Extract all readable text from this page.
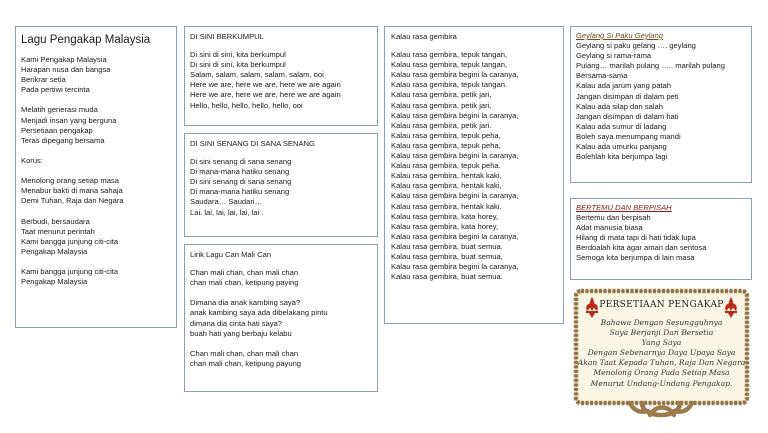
Lagu Pengakap Malaysia
Kami Pengakap Malaysia
Harapan nusa dan bangsa
Berikrar setia
Pada pertiwi tercinta
Melatih generasi muda
Menjadi insan yang berguna
Persetiaan pengakap
Teras dipegang bersama
Korus:
Menolong orang setiap masa
Menabur bakti di mana sahaja
Demi Tuhan, Raja dan Negara
Berbudi, bersaudara
Taat menurut perintah
Kami bangga junjung citi-cita
Pengakap Malaysia
Kami bangga junjung citi-cita
Pengakap Malaysia
DI SINI BERKUMPUL
Di sini di sini, kita berkumpul
Di sini di sini, kita berkumpul
Salam, salam, salam, salam, salam, ooi
Here we are, here we are, here we are again
Here we are, here we are, here we are again
Hello, hello, hello, hello, hello, ooi
DI SINI SENANG DI SANA SENANG
Di sini senang di sana senang
Di mana-mana hatiku senang
Di sini senang di sana senang
Di mana-mana hatiku senang
Saudara… Saudari…
Lai. lai, lai, lai, lai, lai .
Lirik Lagu Can Mali Can
Chan mali chan, chan mali chan
chan mali chan, ketipung paying
Dimana dia anak kambing saya?
anak kambing saya ada dibelakang pintu
dimana dia cinta hati saya?
buah hati yang berbaju kelabu
Chan mali chan, chan mali chan
chan mali chan, ketipung payung
Kalau rasa gembira
Kalau rasa gembira, tepuk tangan,
Kalau rasa gembira, tepuk tangan,
Kalau rasa gembira begini la caranya,
Kalau rasa gembira, tepuk tangan.
Kalau rasa gembira, petik jari,
Kalau rasa gembira, petik jari,
Kalau rasa gembira begini la caranya,
Kalau rasa gembira, petik jari.
Kalau rasa gembira, tepuk peha,
Kalau rasa gembira, tepuk peha,
Kalau rasa gembira begini la caranya,
Kalau rasa gembira, tepuk peha.
Kalau rasa gembira, hentak kaki,
Kalau rasa gembira, hentak kaki,
Kalau rasa gembira begini la caranya,
Kalau rasa gembira, hentak kaki.
Kalau rasa gembira, kata horey,
Kalau rasa gembira, kata horey,
Kalau rasa gembira begini la caranya,
Kalau rasa gembira, buat semua.
Kalau rasa gembira, buat semua,
Kalau rasa gembira begini la caranya,
Kalau rasa gembira, buat semua.
Geylang Si Paku Geylang
Geylang si paku gelang …. geylang
Geylang si rama-rama
Pulang… marilah pulang ….. marilah pulang
Bersama-sama
Kalau ada jarum yang patah
Jangan disimpan di dalam peti
Kalau ada silap dan salah
Jangan disimpan di dalam hati
Kalau ada sumur di ladang
Boleh saya menumpang mandi
Kalau ada umurku panjang
Bolehlah kita berjumpa lagi
BERTEMU DAN BERPISAH
Bertemu dan berpisah
Adat manusia biasa
Hilang di mata tapi di hati tidak lupa
Berdoalah kita agar aman dan sentosa
Semoga kita berjumpa di lain masa
PERSETIAAN PENGAKAP
Bahawa Dengan Sesungguhnya
Saya Berjanji Dan Bersetia
Yang Saya
Dengan Sebenarnya Daya Upaya Saya
Akan Taat Kepada Tuhan, Raja Dan Negara
Menolong Orang Pada Setiap Masa
Menurut Undang-Undang Pengakap.
